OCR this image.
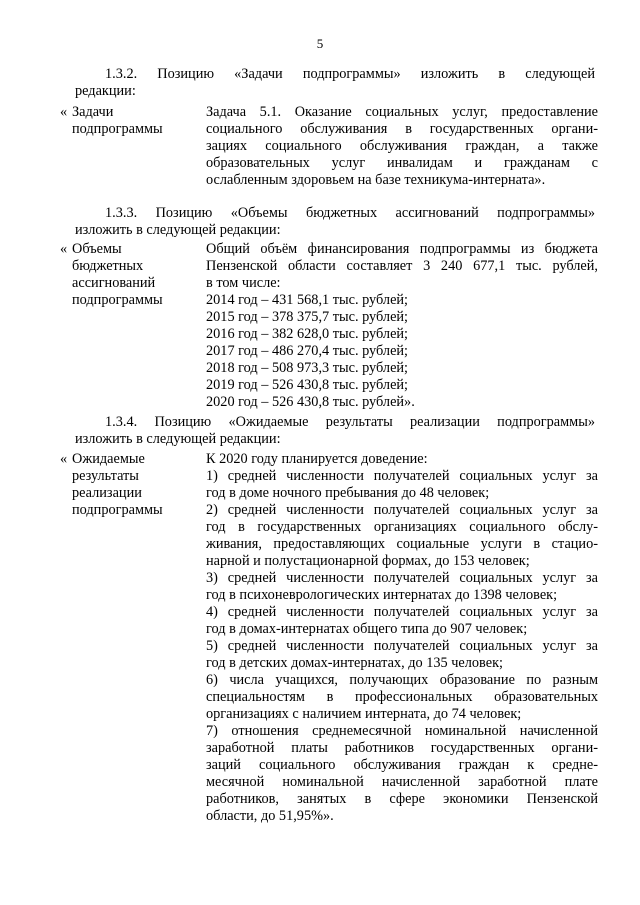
5
1.3.2. Позицию «Задачи подпрограммы» изложить в следующей
редакции:
« Задачи
подпрограммы
Задача 5.1. Оказание социальных услуг, предоставление
социального обслуживания в государственных органи-
зациях социального обслуживания граждан, а также
образовательных услуг инвалидам и гражданам с
ослабленным здоровьем на базе техникума-интерната».
1.3.3. Позицию «Объемы бюджетных ассигнований подпрограммы»
изложить в следующей редакции:
« Объемы
бюджетных
ассигнований
подпрограммы
Общий объём финансирования подпрограммы из бюджета
Пензенской области составляет 3 240 677,1 тыс. рублей,
в том числе:
2014 год – 431 568,1 тыс. рублей;
2015 год – 378 375,7 тыс. рублей;
2016 год – 382 628,0 тыс. рублей;
2017 год – 486 270,4 тыс. рублей;
2018 год – 508 973,3 тыс. рублей;
2019 год – 526 430,8 тыс. рублей;
2020 год – 526 430,8 тыс. рублей».
1.3.4. Позицию «Ожидаемые результаты реализации подпрограммы»
изложить в следующей редакции:
« Ожидаемые
результаты
реализации
подпрограммы
К 2020 году планируется доведение:
1) средней численности получателей социальных услуг за
год в доме ночного пребывания до 48 человек;
2) средней численности получателей социальных услуг за
год в государственных организациях социального обслу-
живания, предоставляющих социальные услуги в стацио-
нарной и полустационарной формах, до 153 человек;
3) средней численности получателей социальных услуг за
год в психоневрологических интернатах до 1398 человек;
4) средней численности получателей социальных услуг за
год в домах-интернатах общего типа до 907 человек;
5) средней численности получателей социальных услуг за
год в детских домах-интернатах, до 135 человек;
6) числа учащихся, получающих образование по разным
специальностям в профессиональных образовательных
организациях с наличием интерната, до 74 человек;
7) отношения среднемесячной номинальной начисленной
заработной платы работников государственных органи-
заций социального обслуживания граждан к средне-
месячной номинальной начисленной заработной плате
работников, занятых в сфере экономики Пензенской
области, до 51,95%».
